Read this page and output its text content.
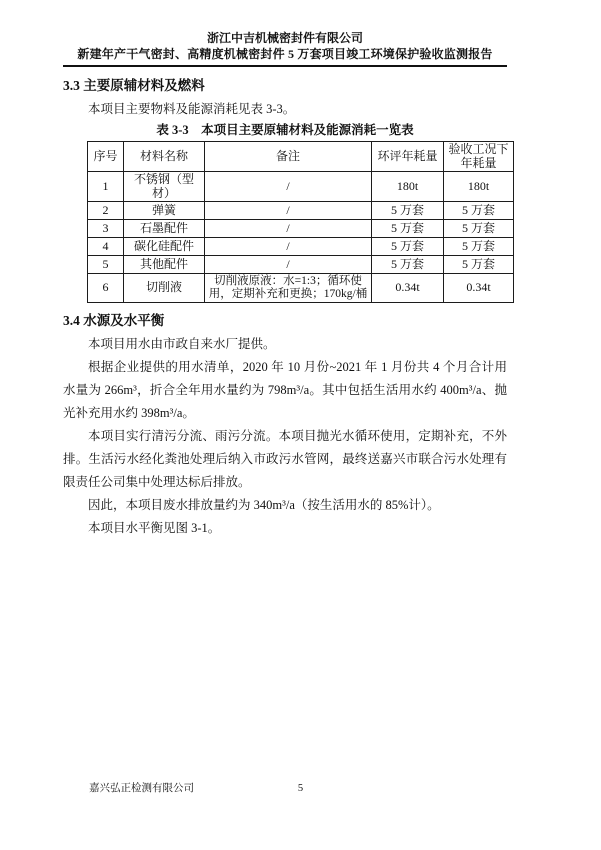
浙江中吉机械密封件有限公司
新建年产干气密封、高精度机械密封件 5 万套项目竣工环境保护验收监测报告
3.3 主要原辅材料及燃料

本项目主要物料及能源消耗见表 3-3。

表 3-3　本项目主要原辅材料及能源消耗一览表
序号	材料名称	备注	环评年耗量	验收工况下年耗量
1	不锈钢（型材）	/	180t	180t
2	弹簧	/	5 万套	5 万套
3	石墨配件	/	5 万套	5 万套
4	碳化硅配件	/	5 万套	5 万套
5	其他配件	/	5 万套	5 万套
6	切削液	切削液原液：水=1:3；循环使用，定期补充和更换；170kg/桶	0.34t	0.34t
3.4 水源及水平衡

本项目用水由市政自来水厂提供。

根据企业提供的用水清单，2020 年 10 月份~2021 年 1 月份共 4 个月合计用水量为 266m³，折合全年用水量约为 798m³/a。其中包括生活用水约 400m³/a、抛光补充用水约 398m³/a。

本项目实行清污分流、雨污分流。本项目抛光水循环使用，定期补充，不外排。生活污水经化粪池处理后纳入市政污水管网，最终送嘉兴市联合污水处理有限责任公司集中处理达标后排放。

因此，本项目废水排放量约为 340m³/a（按生活用水的 85%计）。

本项目水平衡见图 3-1。

嘉兴弘正检测有限公司	5
